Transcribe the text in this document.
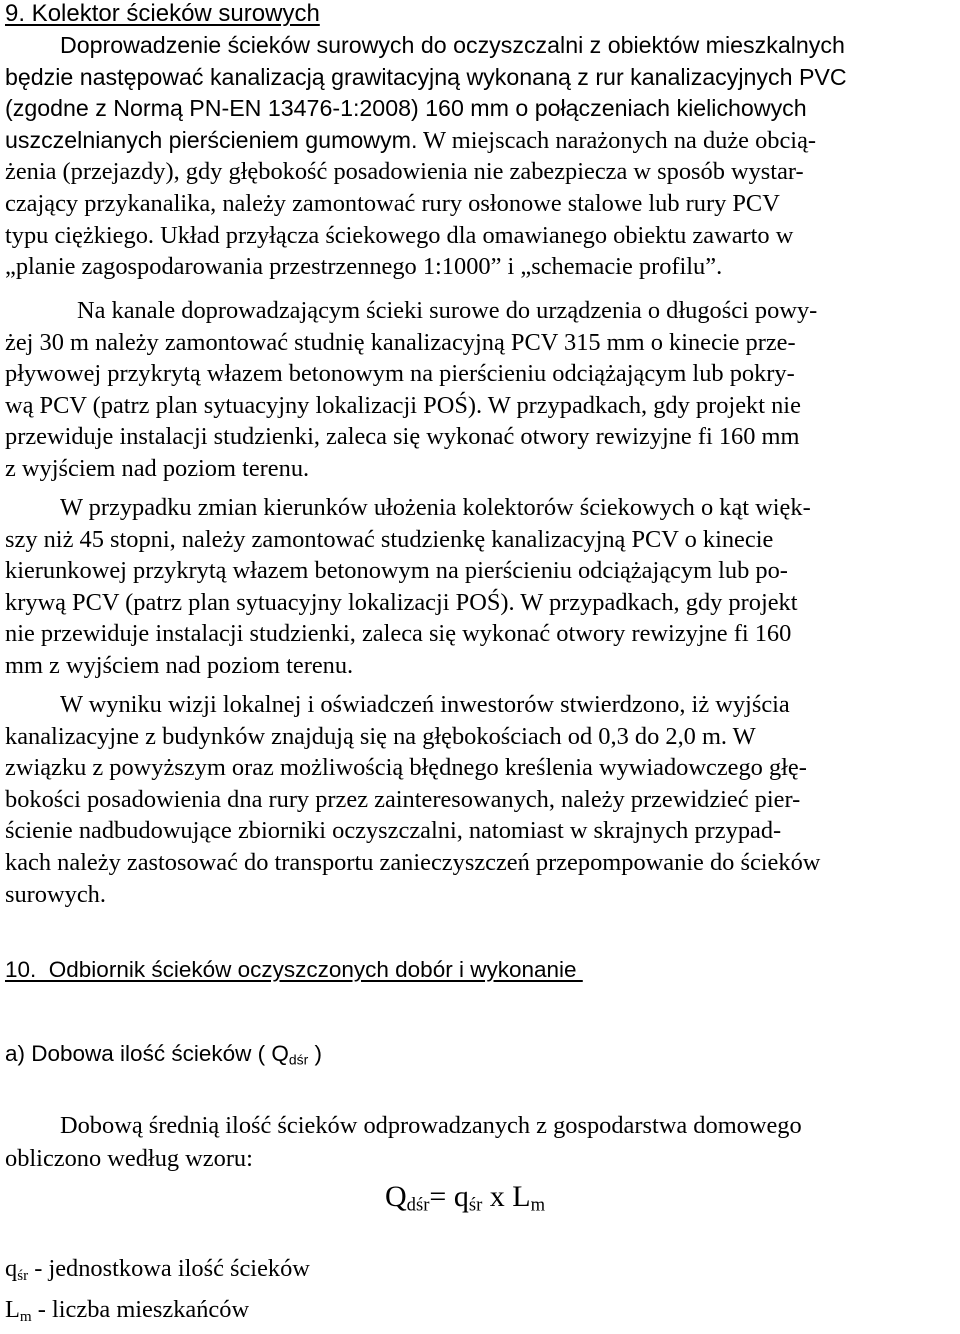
9. Kolektor ścieków surowych
Doprowadzenie ścieków surowych do oczyszczalni z obiektów mieszkalnych
będzie następować kanalizacją grawitacyjną wykonaną z rur kanalizacyjnych PVC
(zgodne z Normą PN-EN 13476-1:2008) 160 mm o połączeniach kielichowych
uszczelnianych pierścieniem gumowym. W miejscach narażonych na duże obcią-
żenia (przejazdy), gdy głębokość posadowienia nie zabezpiecza w sposób wystar-
czający przykanalika, należy zamontować rury osłonowe stalowe lub rury PCV
typu ciężkiego. Układ przyłącza ściekowego dla omawianego obiektu zawarto w
„planie zagospodarowania przestrzennego 1:1000” i „schemacie profilu”.
Na kanale doprowadzającym ścieki surowe do urządzenia o długości powy-
żej 30 m należy zamontować studnię kanalizacyjną PCV 315 mm o kinecie prze-
pływowej przykrytą włazem betonowym na pierścieniu odciążającym lub pokry-
wą PCV (patrz plan sytuacyjny lokalizacji POŚ). W przypadkach, gdy projekt nie
przewiduje instalacji studzienki, zaleca się wykonać otwory rewizyjne fi 160 mm
z wyjściem nad poziom terenu.
W przypadku zmian kierunków ułożenia kolektorów ściekowych o kąt więk-
szy niż 45 stopni, należy zamontować studzienkę kanalizacyjną PCV o kinecie
kierunkowej przykrytą włazem betonowym na pierścieniu odciążającym lub po-
krywą PCV (patrz plan sytuacyjny lokalizacji POŚ). W przypadkach, gdy projekt
nie przewiduje instalacji studzienki, zaleca się wykonać otwory rewizyjne fi 160
mm z wyjściem nad poziom terenu.
W wyniku wizji lokalnej i oświadczeń inwestorów stwierdzono, iż wyjścia
kanalizacyjne z budynków znajdują się na głębokościach od 0,3 do 2,0 m. W
związku z powyższym oraz możliwością błędnego kreślenia wywiadowczego głę-
bokości posadowienia dna rury przez zainteresowanych, należy przewidzieć pier-
ścienie nadbudowujące zbiorniki oczyszczalni, natomiast w skrajnych przypad-
kach należy zastosować do transportu zanieczyszczeń przepompowanie do ścieków
surowych.
10.  Odbiornik ścieków oczyszczonych dobór i wykonanie

a) Dobowa ilość ścieków ( Qdśr )

Dobową średnią ilość ścieków odprowadzanych z gospodarstwa domowego
obliczono według wzoru:

Qdśr= qśr x Lm

qśr - jednostkowa ilość ścieków
Lm - liczba mieszkańców
